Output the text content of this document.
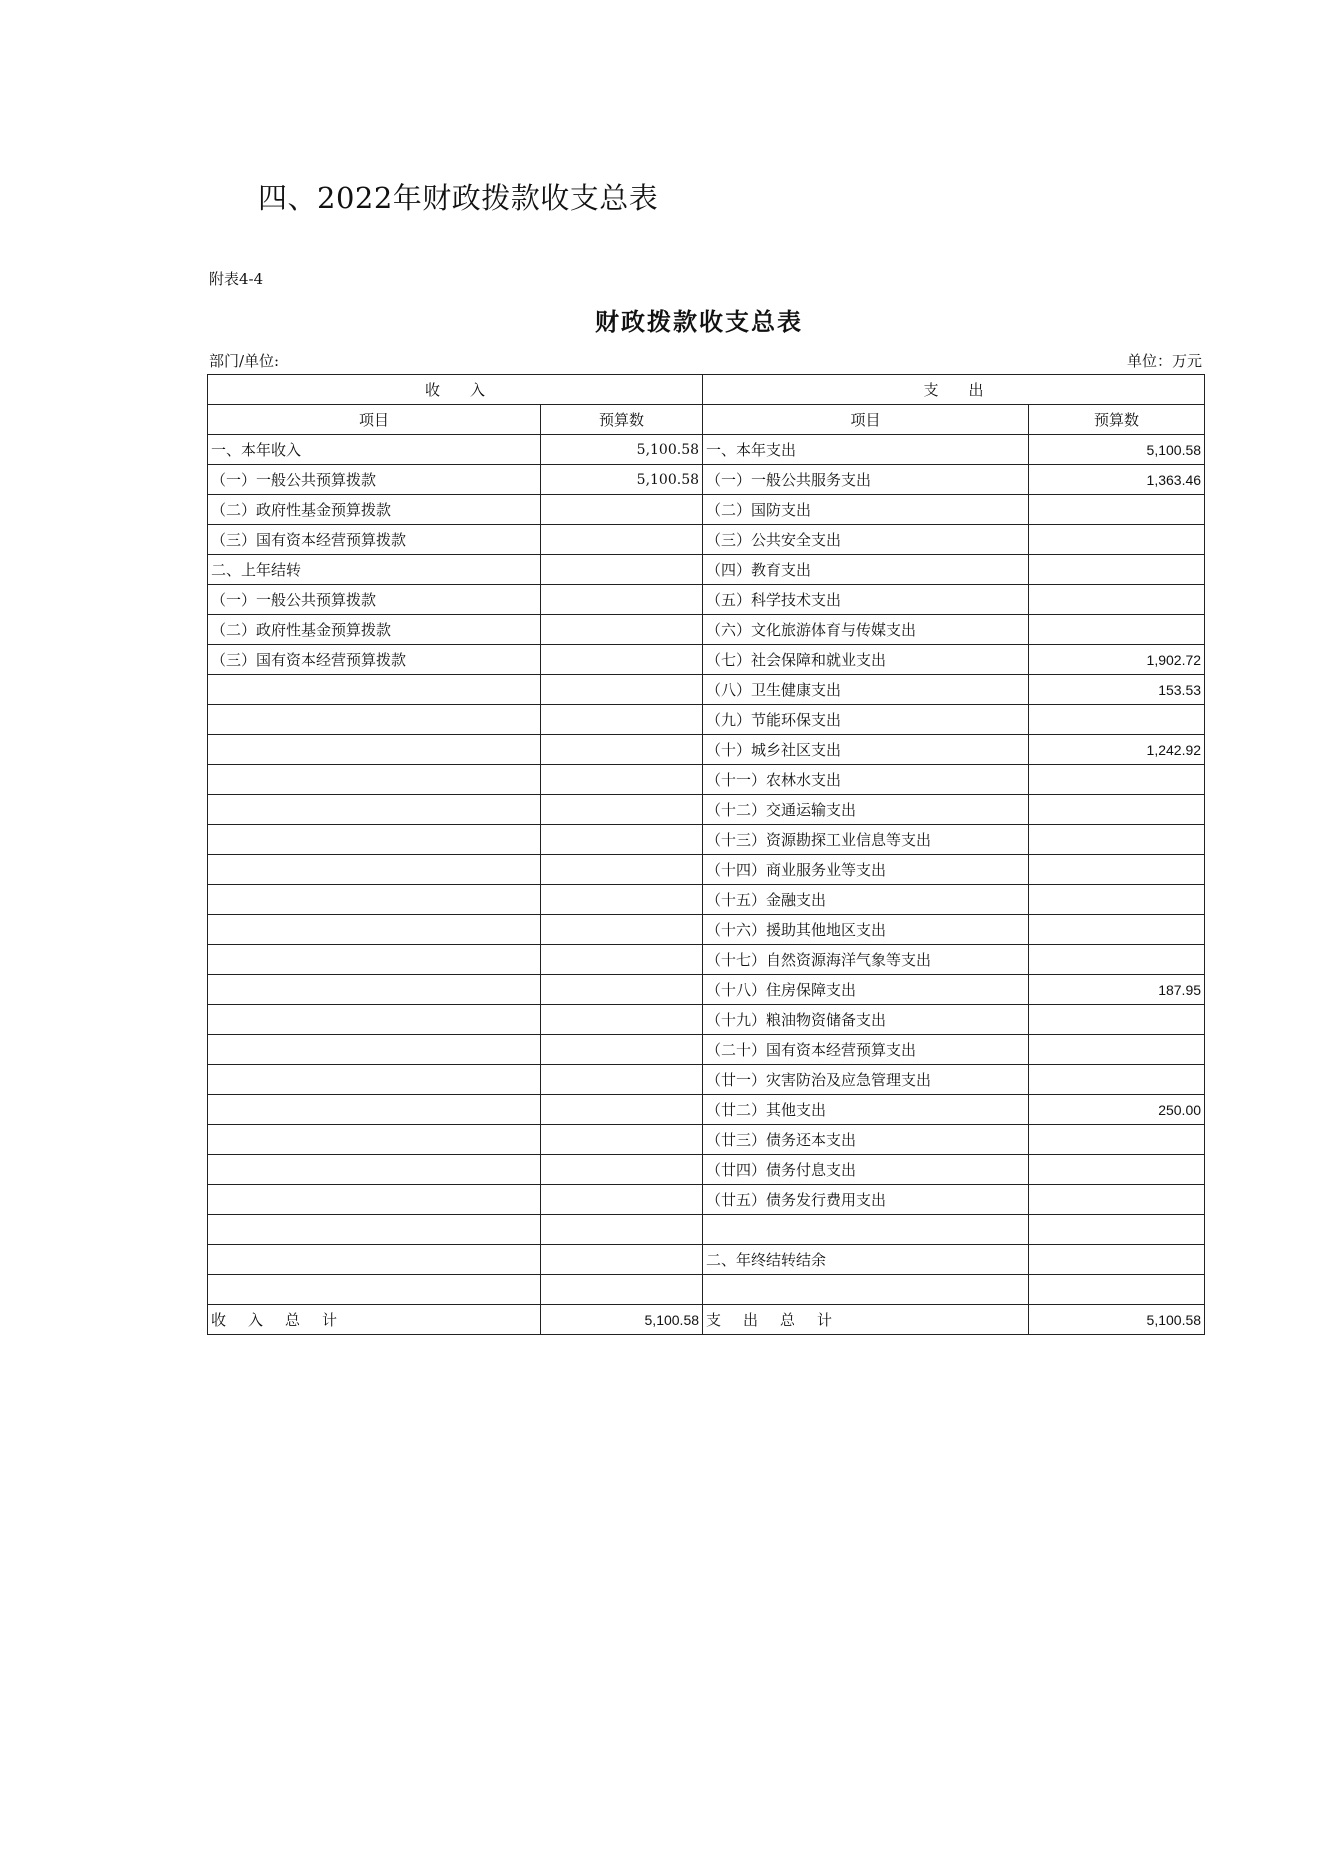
四、2022年财政拨款收支总表
附表4-4
财政拨款收支总表
部门/单位:	单位：万元
收　　入		支　　出	
项目	预算数	项目	预算数
一、本年收入	5,100.58	一、本年支出	5,100.58
（一）一般公共预算拨款	5,100.58	（一）一般公共服务支出	1,363.46
（二）政府性基金预算拨款		（二）国防支出	
（三）国有资本经营预算拨款		（三）公共安全支出	
二、上年结转		（四）教育支出	
（一）一般公共预算拨款		（五）科学技术支出	
（二）政府性基金预算拨款		（六）文化旅游体育与传媒支出	
（三）国有资本经营预算拨款		（七）社会保障和就业支出	1,902.72
		（八）卫生健康支出	153.53
		（九）节能环保支出	
		（十）城乡社区支出	1,242.92
		（十一）农林水支出	
		（十二）交通运输支出	
		（十三）资源勘探工业信息等支出	
		（十四）商业服务业等支出	
		（十五）金融支出	
		（十六）援助其他地区支出	
		（十七）自然资源海洋气象等支出	
		（十八）住房保障支出	187.95
		（十九）粮油物资储备支出	
		（二十）国有资本经营预算支出	
		（廿一）灾害防治及应急管理支出	
		（廿二）其他支出	250.00
		（廿三）债务还本支出	
		（廿四）债务付息支出	
		（廿五）债务发行费用支出	

		二、年终结转结余	

收入总计	5,100.58	支出总计	5,100.58
